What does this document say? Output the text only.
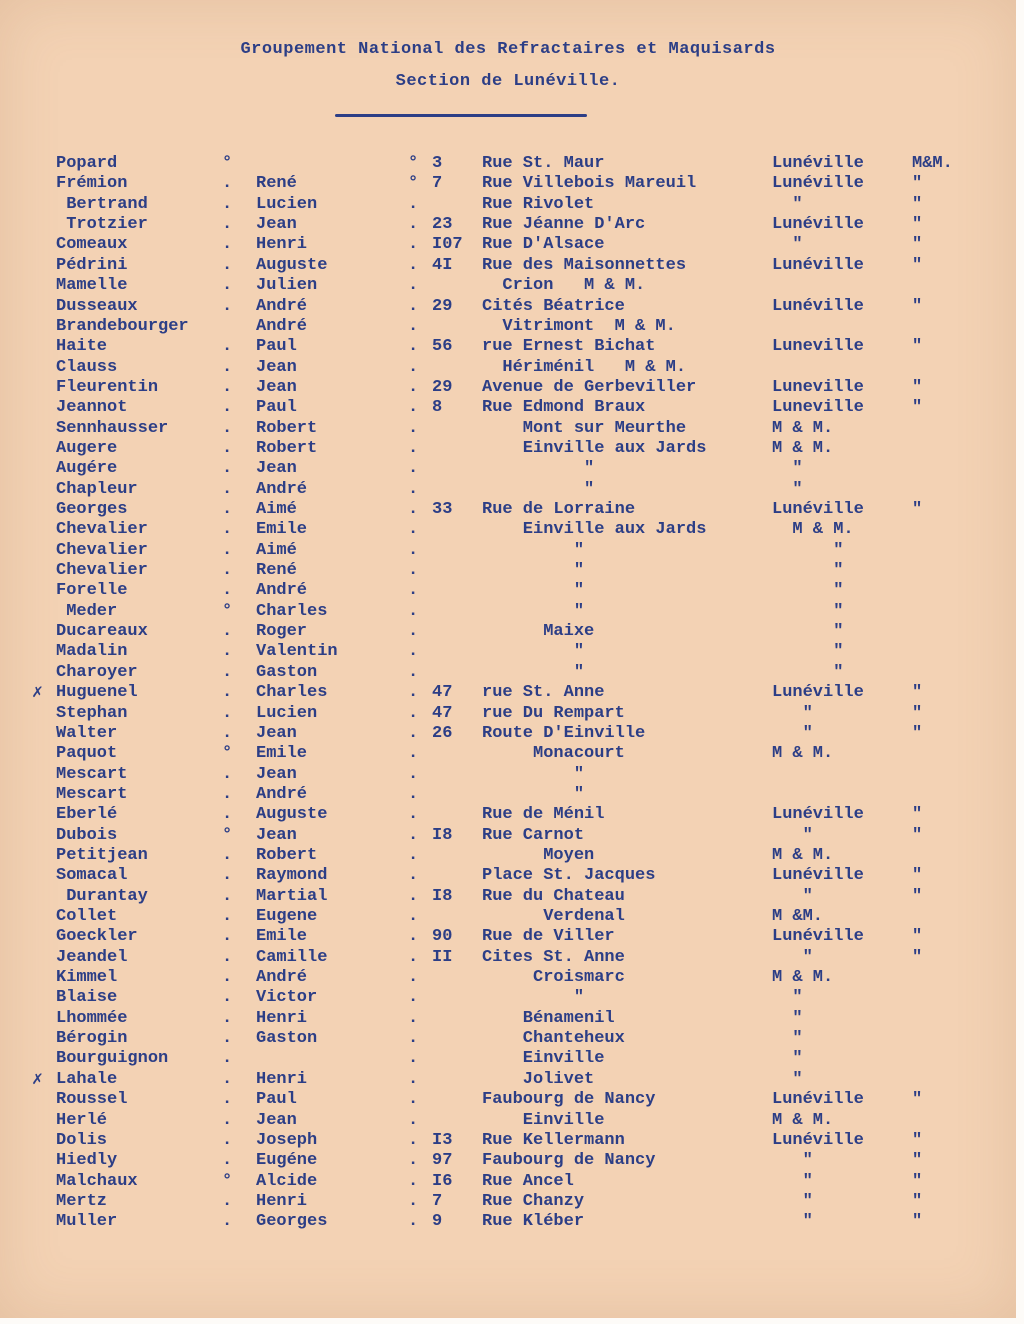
Groupement National des Refractaires et Maquisards

Section de Lunéville.

Popard	°	° 3 Rue St. Maur	Lunéville	M&M.
Frémion	. René	° 7 Rue Villebois Mareuil	Lunéville	"
Bertrand	. Lucien	.	Rue Rivolet	"	"
Trotzier	. Jean	. 23 Rue Jéanne D'Arc	Lunéville	"
Comeaux	. Henri	. I07 Rue D'Alsace	"	"
Pédrini	. Auguste	. 4I Rue des Maisonnettes	Lunéville	"
Mamelle	. Julien	.	Crion   M & M.
Dusseaux	. André	. 29 Cités Béatrice	Lunéville	"
Brandebourger	André	.	Vitrimont  M & M.
Haite	. Paul	. 56 rue Ernest Bichat	Luneville	"
Clauss	. Jean	.	Hériménil   M & M.
Fleurentin	. Jean	. 29 Avenue de Gerbeviller	Luneville	"
Jeannot	. Paul	. 8 Rue Edmond Braux	Luneville	"
Sennhausser	. Robert	.	Mont sur Meurthe	M & M.
Augere	. Robert	.	Einville aux Jards	M & M.
Augére	. Jean	.	"	"
Chapleur	. André	.	"	"
Georges	. Aimé	. 33 Rue de Lorraine	Lunéville	"
Chevalier	. Emile	.	Einville aux Jards	M & M.
Chevalier	. Aimé	.	"	"
Chevalier	. René	.	"	"
Forelle	. André	.	"	"
Meder	° Charles	.	"	"
Ducareaux	. Roger	.	Maixe	"
Madalin	. Valentin	.	"	"
Charoyer	. Gaston	.	"	"
Huguenel	. Charles	. 47 rue St. Anne	Lunéville	"
✗
Stephan	. Lucien	. 47 rue Du Rempart	"	"
Walter	. Jean	. 26 Route D'Einville	"	"
Paquot	° Emile	.	Monacourt	M & M.
Mescart	. Jean	.	"
Mescart	. André	.	"
Eberlé	. Auguste	.	Rue de Ménil	Lunéville	"
Dubois	° Jean	. I8 Rue Carnot	"	"
Petitjean	. Robert	.	Moyen	M & M.
Somacal	. Raymond	.	Place St. Jacques	Lunéville	"
Durantay	. Martial	. I8 Rue du Chateau	"	"
Collet	. Eugene	.	Verdenal	M &M.
Goeckler	. Emile	. 90 Rue de Viller	Lunéville	"
Jeandel	. Camille	. II Cites St. Anne	"	"
Kimmel	. André	.	Croismarc	M & M.
Blaise	. Victor	.	"	"
Lhommée	. Henri	.	Bénamenil	"
Bérogin	. Gaston	.	Chanteheux	"
Bourguignon	.	.	Einville	"
Lahale	. Henri	.	Jolivet	"
✗
Roussel	. Paul	.	Faubourg de Nancy	Lunéville	"
Herlé	. Jean	.	Einville	M & M.
Dolis	. Joseph	. I3 Rue Kellermann	Lunéville	"
Hiedly	. Eugéne	. 97 Faubourg de Nancy	"	"
Malchaux	° Alcide	. I6 Rue Ancel	"	"
Mertz	. Henri	. 7 Rue Chanzy	"	"
Muller	. Georges	. 9 Rue Kléber	"	"
